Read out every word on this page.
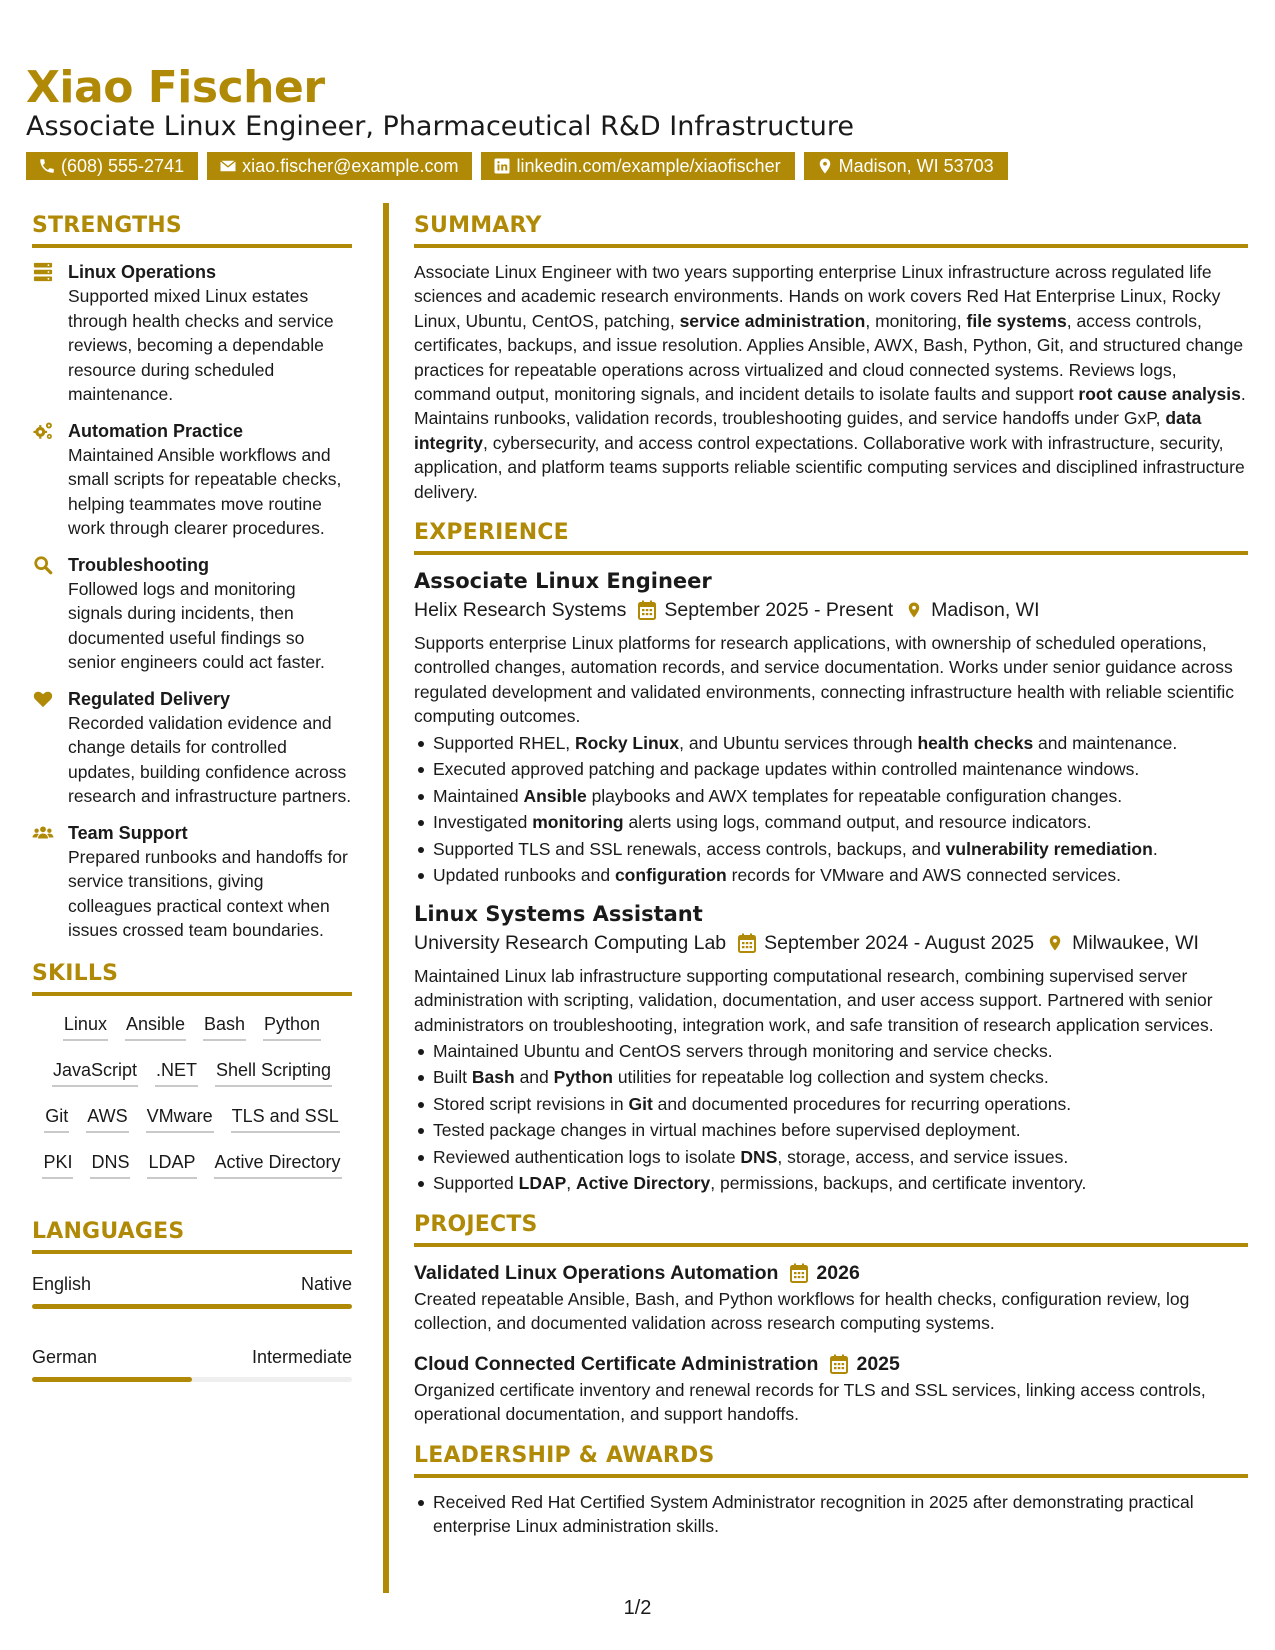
Xiao Fischer
Associate Linux Engineer, Pharmaceutical R&D Infrastructure
(608) 555-2741	xiao.fischer@example.com	linkedin.com/example/xiaofischer	Madison, WI 53703
STRENGTHS
Linux Operations
Supported mixed Linux estates through health checks and service reviews, becoming a dependable resource during scheduled maintenance.
Automation Practice
Maintained Ansible workflows and small scripts for repeatable checks, helping teammates move routine work through clearer procedures.
Troubleshooting
Followed logs and monitoring signals during incidents, then documented useful findings so senior engineers could act faster.
Regulated Delivery
Recorded validation evidence and change details for controlled updates, building confidence across research and infrastructure partners.
Team Support
Prepared runbooks and handoffs for service transitions, giving colleagues practical context when issues crossed team boundaries.
SKILLS
Linux Ansible Bash Python
JavaScript .NET Shell Scripting
Git AWS VMware TLS and SSL
PKI DNS LDAP Active Directory
LANGUAGES
English	Native
German	Intermediate
SUMMARY
Associate Linux Engineer with two years supporting enterprise Linux infrastructure across regulated life sciences and academic research environments. Hands on work covers Red Hat Enterprise Linux, Rocky Linux, Ubuntu, CentOS, patching, service administration, monitoring, file systems, access controls, certificates, backups, and issue resolution. Applies Ansible, AWX, Bash, Python, Git, and structured change practices for repeatable operations across virtualized and cloud connected systems. Reviews logs, command output, monitoring signals, and incident details to isolate faults and support root cause analysis. Maintains runbooks, validation records, troubleshooting guides, and service handoffs under GxP, data integrity, cybersecurity, and access control expectations. Collaborative work with infrastructure, security, application, and platform teams supports reliable scientific computing services and disciplined infrastructure delivery.
EXPERIENCE
Associate Linux Engineer
Helix Research Systems September 2025 - Present Madison, WI
Supports enterprise Linux platforms for research applications, with ownership of scheduled operations, controlled changes, automation records, and service documentation. Works under senior guidance across regulated development and validated environments, connecting infrastructure health with reliable scientific computing outcomes.
Supported RHEL, Rocky Linux, and Ubuntu services through health checks and maintenance.
Executed approved patching and package updates within controlled maintenance windows.
Maintained Ansible playbooks and AWX templates for repeatable configuration changes.
Investigated monitoring alerts using logs, command output, and resource indicators.
Supported TLS and SSL renewals, access controls, backups, and vulnerability remediation.
Updated runbooks and configuration records for VMware and AWS connected services.
Linux Systems Assistant
University Research Computing Lab September 2024 - August 2025 Milwaukee, WI
Maintained Linux lab infrastructure supporting computational research, combining supervised server administration with scripting, validation, documentation, and user access support. Partnered with senior administrators on troubleshooting, integration work, and safe transition of research application services.
Maintained Ubuntu and CentOS servers through monitoring and service checks.
Built Bash and Python utilities for repeatable log collection and system checks.
Stored script revisions in Git and documented procedures for recurring operations.
Tested package changes in virtual machines before supervised deployment.
Reviewed authentication logs to isolate DNS, storage, access, and service issues.
Supported LDAP, Active Directory, permissions, backups, and certificate inventory.
PROJECTS
Validated Linux Operations Automation 2026
Created repeatable Ansible, Bash, and Python workflows for health checks, configuration review, log collection, and documented validation across research computing systems.
Cloud Connected Certificate Administration 2025
Organized certificate inventory and renewal records for TLS and SSL services, linking access controls, operational documentation, and support handoffs.
LEADERSHIP & AWARDS
Received Red Hat Certified System Administrator recognition in 2025 after demonstrating practical enterprise Linux administration skills.
1/2
